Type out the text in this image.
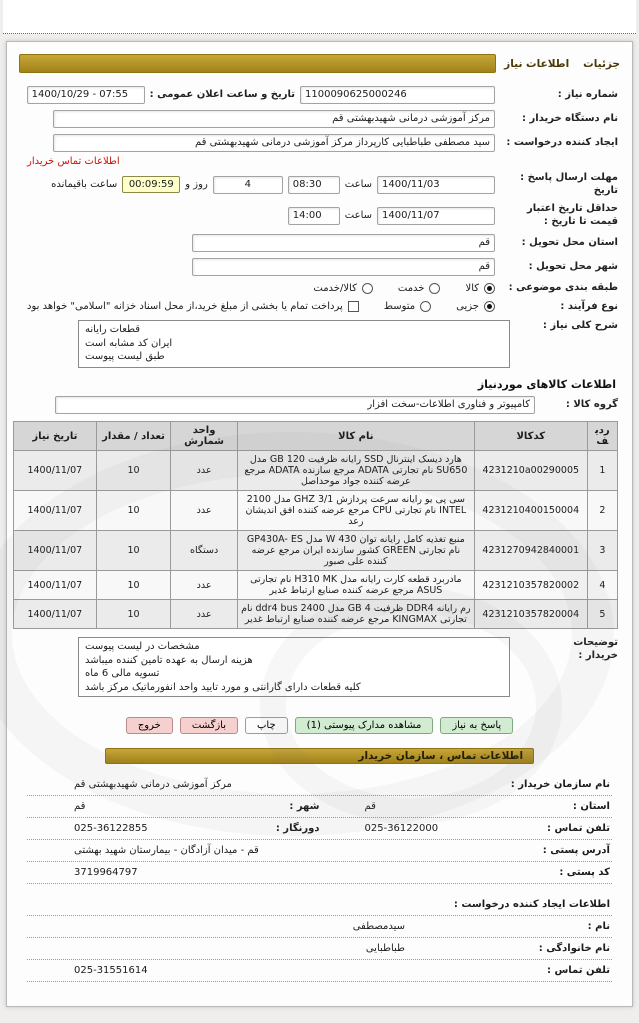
جزئیات
اطلاعات نیاز
شماره نیاز :
1100090625000246
تاریخ و ساعت اعلان عمومی :
1400/10/29 - 07:55
نام دستگاه خریدار :
مرکز آموزشی درمانی شهیدبهشتی قم
ایجاد کننده درخواست :
سید مصطفی طباطبایی کارپرداز مرکز آموزشی درمانی شهیدبهشتی قم
اطلاعات تماس خریدار
مهلت ارسال پاسخ : تاریخ
1400/11/03
ساعت
08:30
4
روز و
00:09:59
ساعت باقیمانده
حداقل تاریخ اعتبار قیمت تا تاریخ :
1400/11/07
ساعت
14:00
استان محل تحویل :
قم
شهر محل تحویل :
قم
طبقه بندی موضوعی :
کالا
خدمت
کالا/خدمت
نوع فرآیند :
جزیی
متوسط
پرداخت تمام یا بخشی از مبلغ خرید،از محل اسناد خزانه "اسلامی" خواهد بود
شرح کلی نیاز :
قطعات رایانه
ایران کد مشابه است
طبق لیست پیوست
اطلاعات کالاهای موردنیاز
گروه کالا :
کامپیوتر و فناوری اطلاعات-سخت افزار
ردیف	کدکالا	نام کالا	واحد شمارش	تعداد / مقدار	تاریخ نیاز
1	4231210a00290005	هارد دیسک اینترنال SSD رایانه ظرفیت 120 GB مدل SU650 نام تجارتی ADATA مرجع سازنده ADATA مرجع عرضه کننده جواد موحداصل	عدد	10	1400/11/07
2	4231210400150004	سی پی یو رایانه سرعت پردازش 3/1 GHZ مدل 2100 INTEL نام تجارتی CPU مرجع عرضه کننده افق اندیشان رعد	عدد	10	1400/11/07
3	4231270942840001	منبع تغذیه کامل رایانه توان 430 W مدل GP430A- ES نام تجارتی GREEN کشور سازنده ایران مرجع عرضه کننده علی صبور	دستگاه	10	1400/11/07
4	4231210357820002	مادربرد قطعه کارت رایانه مدل H310 MK نام تجارتی ASUS مرجع عرضه کننده صنایع ارتباط غدیر	عدد	10	1400/11/07
5	4231210357820004	رم رایانه DDR4 ظرفیت 4 GB مدل ddr4 bus 2400 نام تجارتی KINGMAX مرجع عرضه کننده صنایع ارتباط غدیر	عدد	10	1400/11/07
توضیحات خریدار :
مشخصات در لیست پیوست
هزینه ارسال به عهده تامین کننده میباشد
تسویه مالی 6 ماه
کلیه قطعات دارای گارانتی و مورد تایید واحد انفورماتیک مرکز باشد
پاسخ به نیاز
مشاهده مدارک پیوستی (1)
چاپ
بازگشت
خروج
اطلاعات تماس ، سازمان خریدار
نام سازمان خریدار :
مرکز آموزشی درمانی شهیدبهشتی قم
استان :
قم
شهر :
قم
تلفن تماس :
025-36122000
دورنگار :
025-36122855
آدرس پستی :
قم - میدان آزادگان - بیمارستان شهید بهشتی
کد پستی :
3719964797
اطلاعات ایجاد کننده درخواست :
نام :
سیدمصطفی
نام خانوادگی :
طباطبایی
تلفن تماس :
025-31551614
